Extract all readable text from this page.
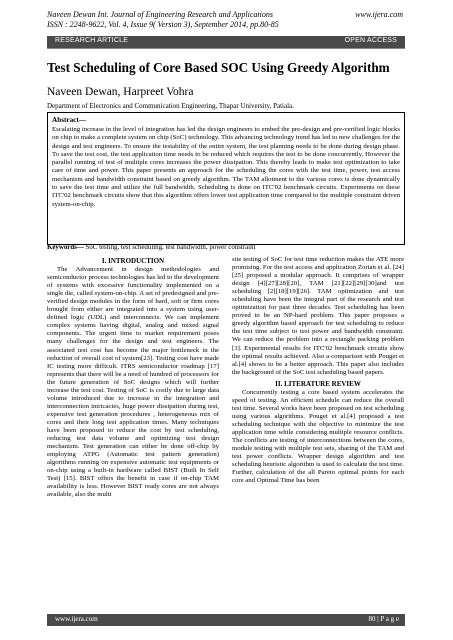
Naveen Dewan Int. Journal of Engineering Research and Applications	www.ijera.com
ISSN : 2248-9622, Vol. 4, Issue 9( Version 3), September 2014, pp.80-85
RESEARCH ARTICLE	OPEN ACCESS
Test Scheduling of Core Based SOC Using Greedy Algorithm
Naveen Dewan, Harpreet Vohra
Department of Electronics and Communication Engineering, Thapar University, Patiala.
Abstract—
Escalating increase in the level of integration has led the design engineers to embed the pre-design and pre-verified logic blocks on chip to make a complete system on chip (SoC) technology. This advancing technology trend has led to new challenges for the design and test engineers. To ensure the testability of the entire system, the test planning needs to be done during design phase. To save the test cost, the test application time needs to be reduced which requires the test to be done concurrently. However the parallel running of test of multiple cores increases the power dissipation. This thereby leads to make test optimization to take care of time and power. This paper presents an approach for the scheduling the cores with the test time, power, test access mechanism and bandwidth constraint based on greedy algorithm. The TAM allotment to the various cores is done dynamically to save the test time and utilize the full bandwidth. Scheduling is done on ITC'02 benchmark circuits. Experiments on these ITC'02 benchmark circuits show that this algorithm offers lower test application time compared to the multiple constraint driven system-on-chip.
Keywords— SoC testing, test scheduling, test bandwidth, power constraint
I. INTRODUCTION

The Advancement in design methodologies and semiconductor process technologies has led to the development of systems with excessive functionality implemented on a single die, called system-on-chip. A set of predesigned and pre-verified design modules in the form of hard, soft or firm cores brought from either are integrated into a system using user-defined logic (UDL) and interconnects. We can implement complex systems having digital, analog and mixed signal components. The urgent time to market requirement poses many challenges for the design and test engineers. The associated test cost has become the major bottleneck in the reduction of overall cost of system[23]. Testing cost have made IC testing more difficult. ITRS semiconductor roadmap [17] represents that there will be a need of hundred of processors for the future generation of SoC designs which will further increase the test cost. Testing of SoC is costly due to large data volume introduced due to increase in the integration and interconnection intricacies, huge power dissipation during test, expensive test generation procedures , heterogeneous mix of cores and their long test application times. Many techniques have been proposed to reduce the cost by test scheduling, reducing test data volume and optimizing test design mechanism. Test generation can either be done off-chip by employing ATPG (Automatic test pattern generation) algorithms running on expensive automatic test equipments or on-chip using a built-in hardware called BIST (Built In Self Test) [15]. BIST offers the benefit in case if on-chip TAM availability is less. However BIST ready cores are not always available, also the multi

site testing of SoC for test time reduction makes the ATE more promising. For the test access and application Zorian et al. [24][25] proposed a modular approach. It comprises of wrapper design [4][27][28][20], TAM [21][22][29][30]and test scheduling [2][18][19][26]. TAM optimization and test scheduling have been the integral part of the research and test optimization for past three decades. Test scheduling has been proved to be an NP-hard problem. This paper proposes a greedy algorithm based approach for test scheduling to reduce the test time subject to test power and bandwidth constraint. We can reduce the problem into a rectangle packing problem [3]. Experimental results for ITC'02 benchmark circuits show the optimal results achieved. Also a comparison with Pouget et al.[4] shows to be a better approach. This paper also includes the background of the SoC test scheduling based papers.

II. LITERATURE REVIEW

Concurrently testing a core based system accelerates the speed of testing. An efficient schedule can reduce the overall test time. Several works have been proposed on test scheduling using various algorithms. Pouget et al.[4] proposed a test scheduling technique with the objective to minimize the test application time while considering multiple resource conflicts. The conflicts are testing of interconnections between the cores, module testing with multiple test sets, sharing of the TAM and test power conflicts. Wrapper design algorithm and test scheduling heuristic algorithm is used to calculate the test time. Further, calculation of the all Pareto optimal points for each core and Optimal Time has been

www.ijera.com	80 | P a g e
